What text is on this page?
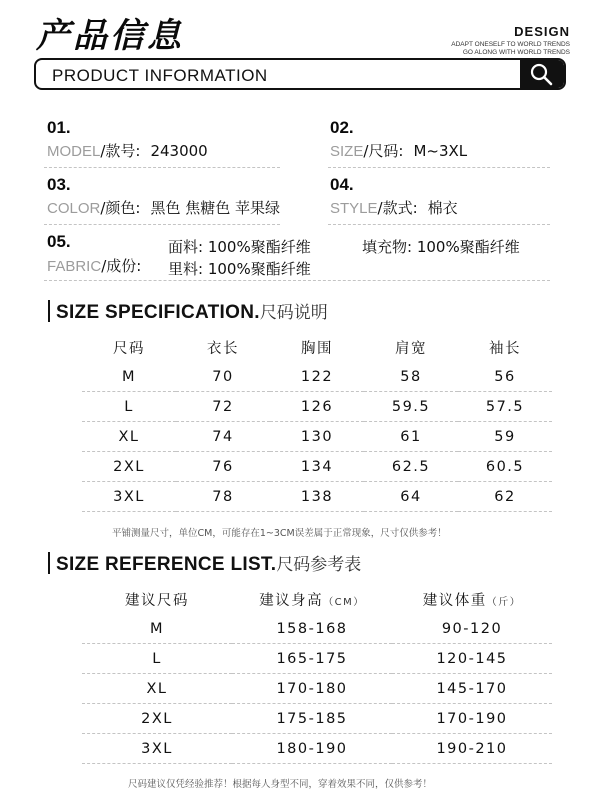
产品信息	DESIGN
ADAPT ONESELF TO WORLD TRENDS
GO ALONG WITH WORLD TRENDS
PRODUCT INFORMATION
01.
MODEL/款号: 243000
02.
SIZE/尺码: M~3XL
03.
COLOR/颜色: 黑色 焦糖色 苹果绿
04.
STYLE/款式: 棉衣
05.
FABRIC/成份:
面料: 100%聚酯纤维	填充物: 100%聚酯纤维
里料: 100%聚酯纤维
SIZE SPECIFICATION.尺码说明
尺码	衣长	胸围	肩宽	袖长
M	70	122	58	56
L	72	126	59.5	57.5
XL	74	130	61	59
2XL	76	134	62.5	60.5
3XL	78	138	64	62
平铺测量尺寸，单位CM，可能存在1~3CM误差属于正常现象，尺寸仅供参考！
SIZE REFERENCE LIST.尺码参考表
建议尺码	建议身高（CM）	建议体重（斤）
M	158-168	90-120
L	165-175	120-145
XL	170-180	145-170
2XL	175-185	170-190
3XL	180-190	190-210
尺码建议仅凭经验推荐！根据每人身型不同，穿着效果不同，仅供参考！
